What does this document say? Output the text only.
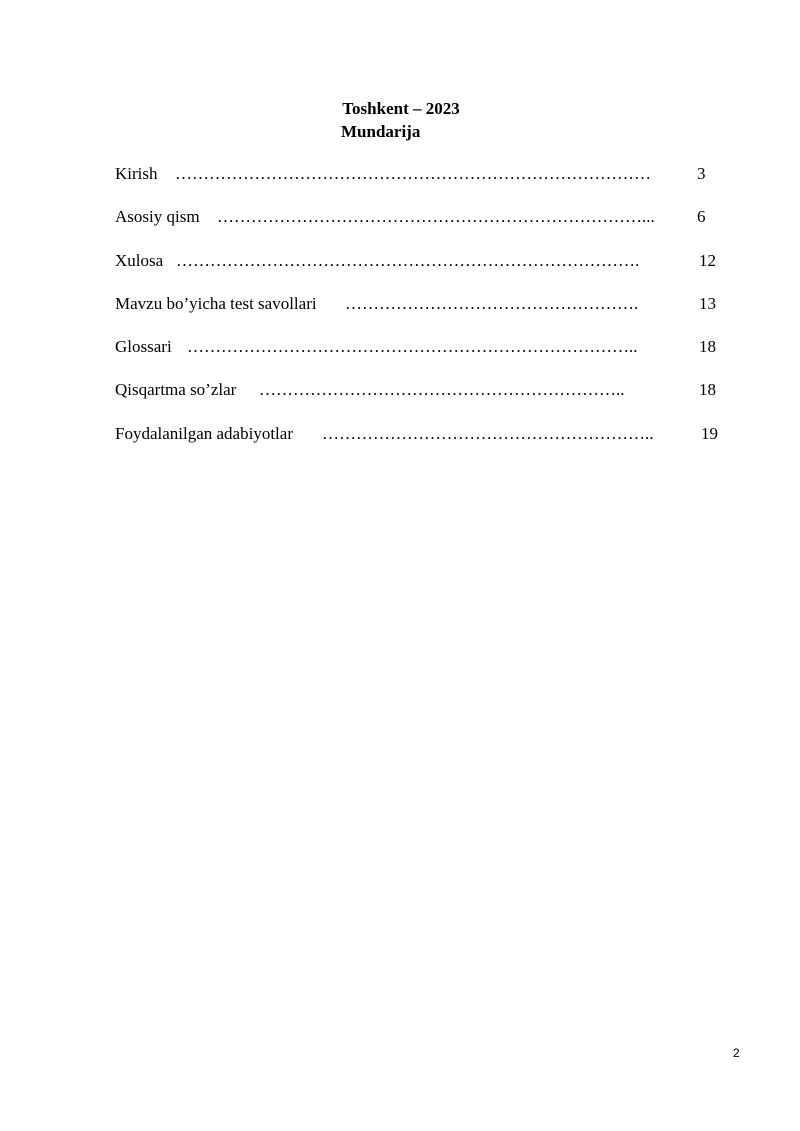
Toshkent – 2023
Mundarija
Kirish …………………………………………………………………………	3
Asosiy qism …………………………………………………………………... 6
Xulosa ……………………………………………………………………….	12
Mavzu bo’yicha test savollari …………………………………………….	13
Glossari ……………………………………………………………………..	18
Qisqartma so’zlar ………………………………………………………..	18
Foydalanilgan adabiyotlar …………………………………………………..	19
2
